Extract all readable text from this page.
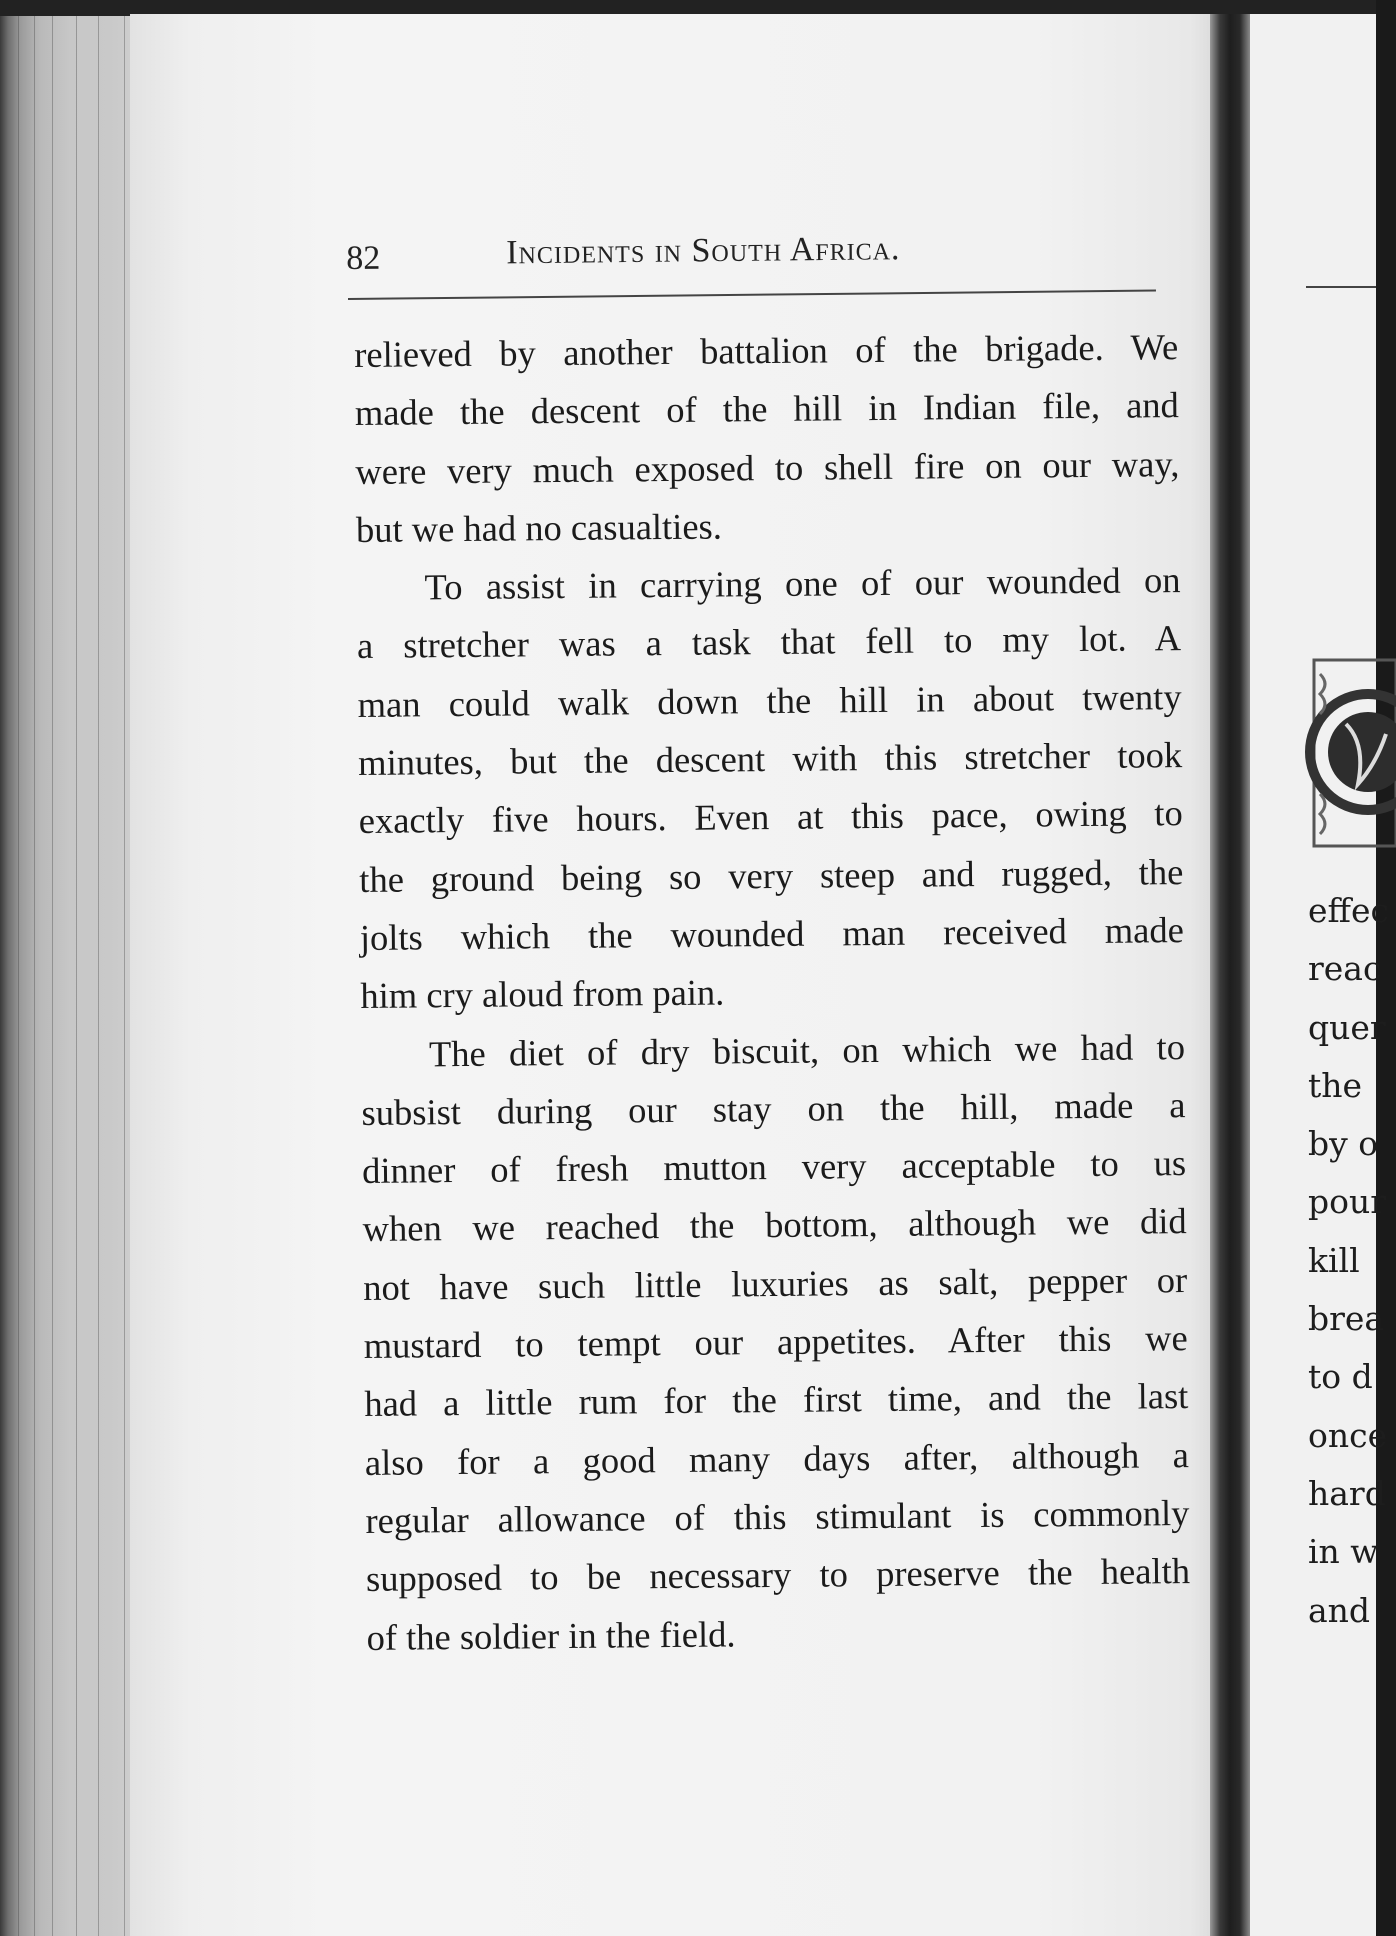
effec
reac
quer
the
by o
pour
kill
brea
to d
once
hard
in w
and
82	Incidents in South Africa.

relieved by another battalion of the brigade. We
made the descent of the hill in Indian file, and
were very much exposed to shell fire on our way,
but we had no casualties.

To assist in carrying one of our wounded on
a stretcher was a task that fell to my lot. A
man could walk down the hill in about twenty
minutes, but the descent with this stretcher took
exactly five hours. Even at this pace, owing to
the ground being so very steep and rugged, the
jolts which the wounded man received made
him cry aloud from pain.

The diet of dry biscuit, on which we had to
subsist during our stay on the hill, made a
dinner of fresh mutton very acceptable to us
when we reached the bottom, although we did
not have such little luxuries as salt, pepper or
mustard to tempt our appetites. After this we
had a little rum for the first time, and the last
also for a good many days after, although a
regular allowance of this stimulant is commonly
supposed to be necessary to preserve the health
of the soldier in the field.
